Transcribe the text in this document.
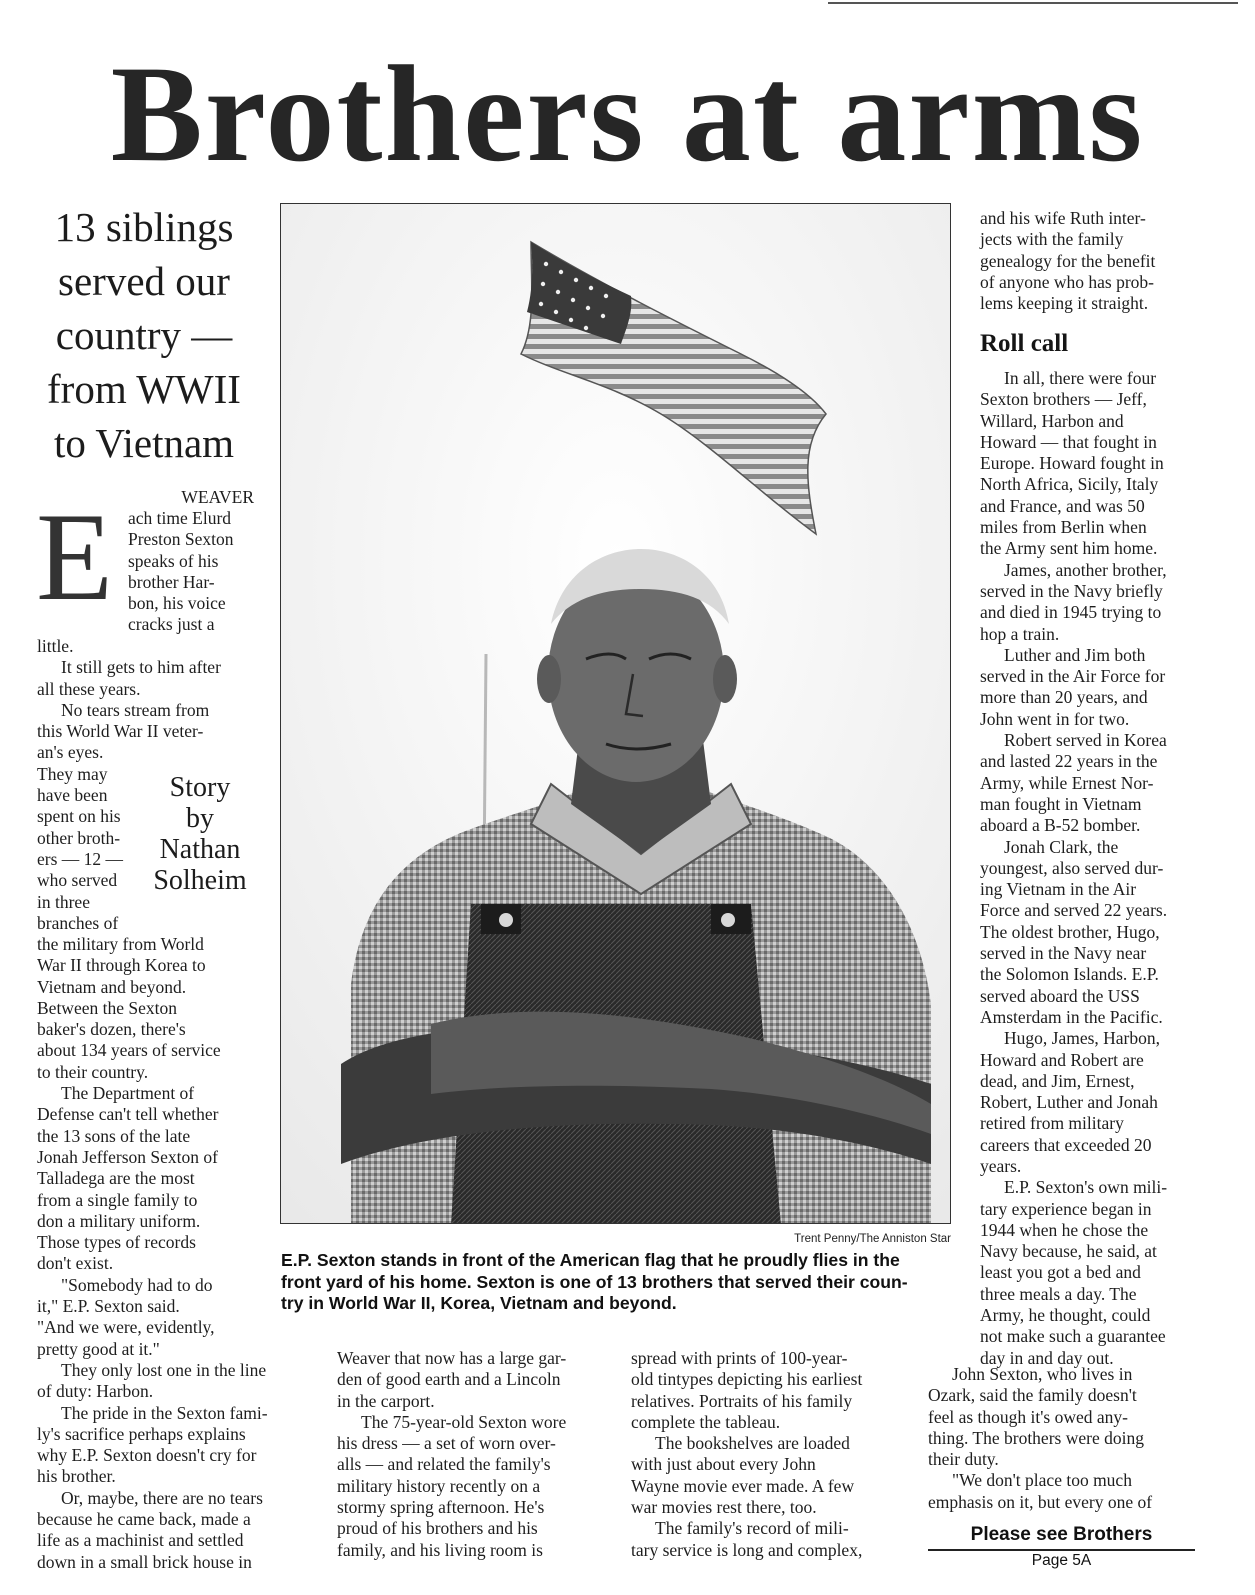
Brothers at arms
13 siblings
served our
country —
from WWII
to Vietnam

WEAVER

E ach time Elurd

Preston Sexton

speaks of his

brother Har-

bon, his voice

cracks just a

little.

It still gets to him after

all these years.

No tears stream from

this World War II veter-

an's eyes.

They may

have been

spent on his

other broth-

ers — 12 —

who served

in three

branches of

Story
by
Nathan
Solheim

the military from World

War II through Korea to

Vietnam and beyond.

Between the Sexton

baker's dozen, there's

about 134 years of service

to their country.

The Department of

Defense can't tell whether

the 13 sons of the late

Jonah Jefferson Sexton of

Talladega are the most

from a single family to

don a military uniform.

Those types of records

don't exist.

"Somebody had to do

it," E.P. Sexton said.

"And we were, evidently,

pretty good at it."

They only lost one in the line

of duty: Harbon.

The pride in the Sexton fami-

ly's sacrifice perhaps explains

why E.P. Sexton doesn't cry for

his brother.

Or, maybe, there are no tears

because he came back, made a

life as a machinist and settled

down in a small brick house in

Trent Penny/The Anniston Star
E.P. Sexton stands in front of the American flag that he proudly flies in the
front yard of his home. Sexton is one of 13 brothers that served their coun-
try in World War II, Korea, Vietnam and beyond.

Weaver that now has a large gar-

den of good earth and a Lincoln

in the carport.

The 75-year-old Sexton wore

his dress — a set of worn over-

alls — and related the family's

military history recently on a

stormy spring afternoon. He's

proud of his brothers and his

family, and his living room is

spread with prints of 100-year-

old tintypes depicting his earliest

relatives. Portraits of his family

complete the tableau.

The bookshelves are loaded

with just about every John

Wayne movie ever made. A few

war movies rest there, too.

The family's record of mili-

tary service is long and complex,

and his wife Ruth inter-

jects with the family

genealogy for the benefit

of anyone who has prob-

lems keeping it straight.

Roll call

In all, there were four

Sexton brothers — Jeff,

Willard, Harbon and

Howard — that fought in

Europe. Howard fought in

North Africa, Sicily, Italy

and France, and was 50

miles from Berlin when

the Army sent him home.

James, another brother,

served in the Navy briefly

and died in 1945 trying to

hop a train.

Luther and Jim both

served in the Air Force for

more than 20 years, and

John went in for two.

Robert served in Korea

and lasted 22 years in the

Army, while Ernest Nor-

man fought in Vietnam

aboard a B-52 bomber.

Jonah Clark, the

youngest, also served dur-

ing Vietnam in the Air

Force and served 22 years.

The oldest brother, Hugo,

served in the Navy near

the Solomon Islands. E.P.

served aboard the USS

Amsterdam in the Pacific.

Hugo, James, Harbon,

Howard and Robert are

dead, and Jim, Ernest,

Robert, Luther and Jonah

retired from military

careers that exceeded 20

years.

E.P. Sexton's own mili-

tary experience began in

1944 when he chose the

Navy because, he said, at

least you got a bed and

three meals a day. The

Army, he thought, could

not make such a guarantee

day in and day out.

John Sexton, who lives in

Ozark, said the family doesn't

feel as though it's owed any-

thing. The brothers were doing

their duty.

"We don't place too much

emphasis on it, but every one of

Please see Brothers
Page 5A
